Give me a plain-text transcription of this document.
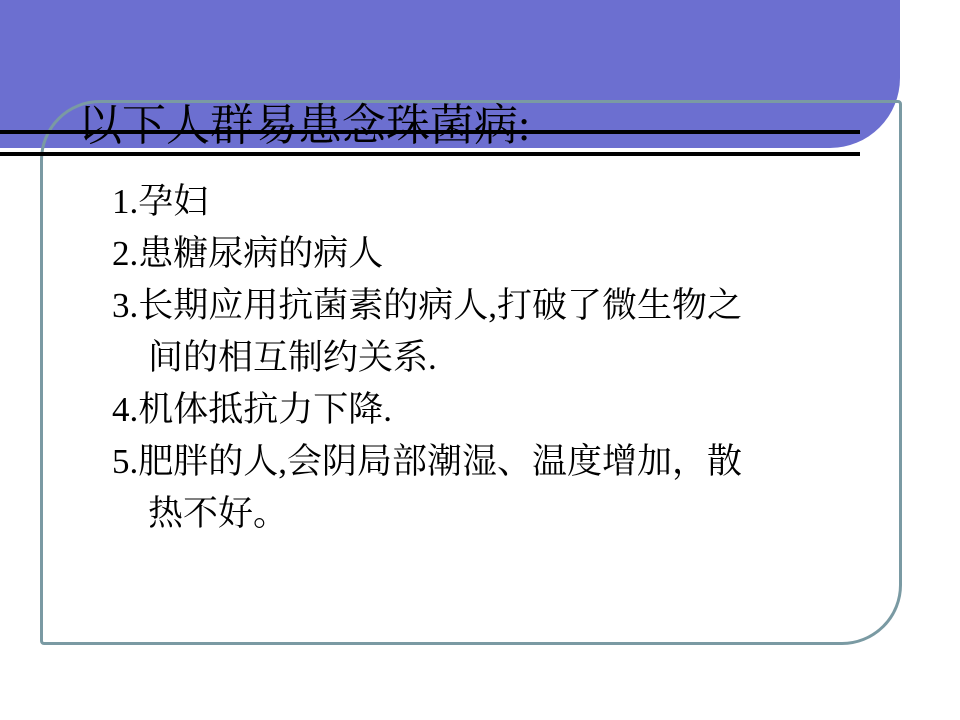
以下人群易患念珠菌病:
1.孕妇
2.患糖尿病的病人
3.长期应用抗菌素的病人,打破了微生物之
间的相互制约关系.
4.机体抵抗力下降.
5.肥胖的人,会阴局部潮湿、温度增加，散
热不好。
